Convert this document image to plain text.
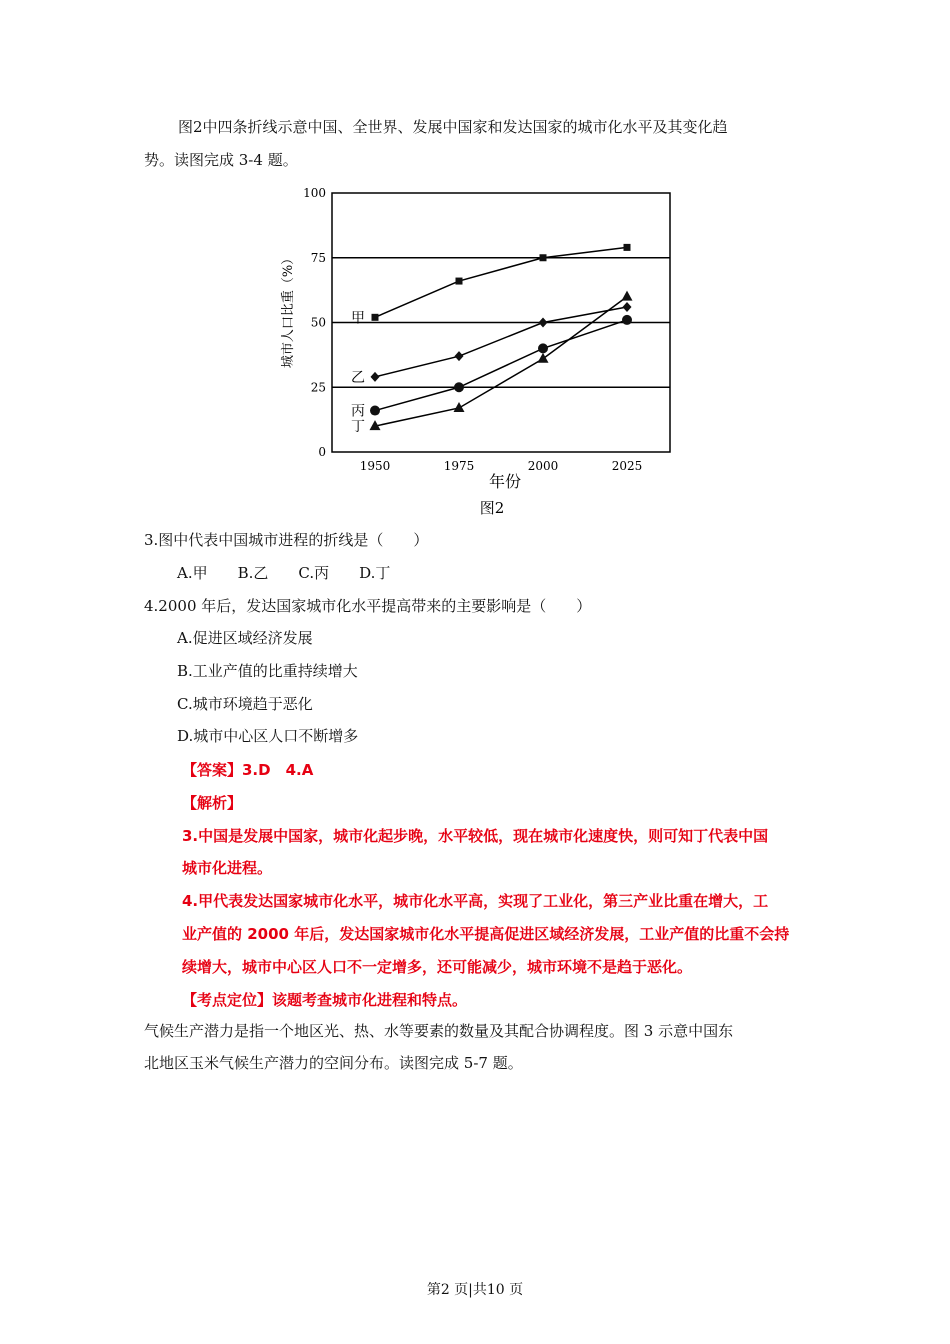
图2中四条折线示意中国、全世界、发展中国家和发达国家的城市化水平及其变化趋
势。读图完成 3-4 题。
甲
乙
丙
丁
0
25
50
75
100
1950	1975	2000	2025
城市人口比重（%）
年份
图2
3.图中代表中国城市进程的折线是（　　）
A.甲　　B.乙　　C.丙　　D.丁
4.2000 年后，发达国家城市化水平提高带来的主要影响是（　　）
A.促进区域经济发展
B.工业产值的比重持续增大
C.城市环境趋于恶化
D.城市中心区人口不断增多
【答案】3.D　4.A
【解析】
3.中国是发展中国家，城市化起步晚，水平较低，现在城市化速度快，则可知丁代表中国
城市化进程。
4.甲代表发达国家城市化水平，城市化水平高，实现了工业化，第三产业比重在增大，工
业产值的 2000 年后，发达国家城市化水平提高促进区域经济发展，工业产值的比重不会持
续增大，城市中心区人口不一定增多，还可能减少，城市环境不是趋于恶化。
【考点定位】该题考查城市化进程和特点。
气候生产潜力是指一个地区光、热、水等要素的数量及其配合协调程度。图 3 示意中国东
北地区玉米气候生产潜力的空间分布。读图完成 5-7 题。
第2 页|共10 页
